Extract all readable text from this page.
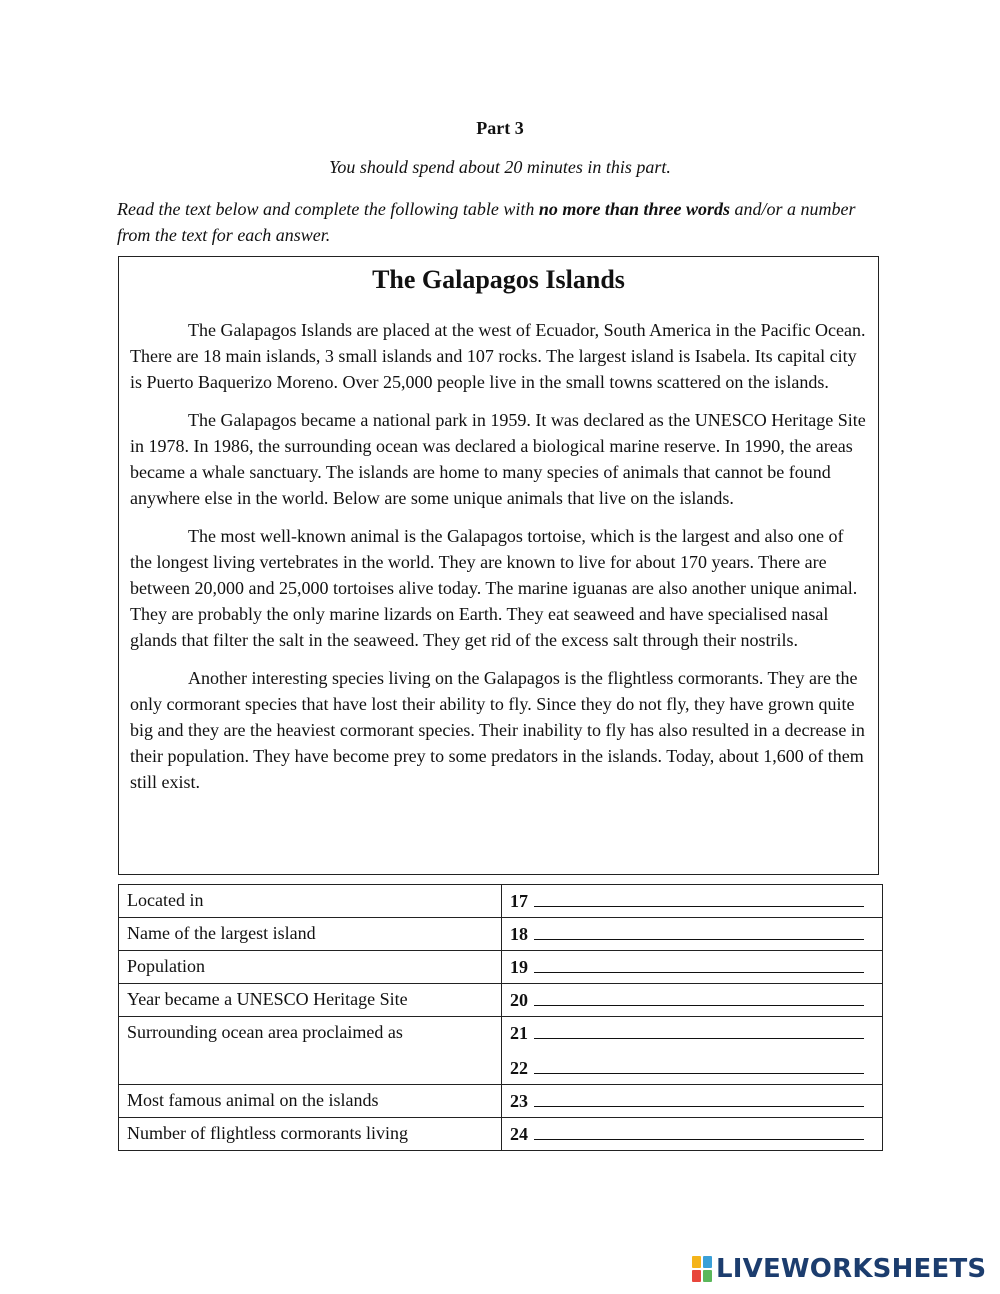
Part 3
You should spend about 20 minutes in this part.
Read the text below and complete the following table with no more than three words and/or a number from the text for each answer.
The Galapagos Islands

The Galapagos Islands are placed at the west of Ecuador, South America in the Pacific Ocean. There are 18 main islands, 3 small islands and 107 rocks. The largest island is Isabela. Its capital city is Puerto Baquerizo Moreno. Over 25,000 people live in the small towns scattered on the islands.

The Galapagos became a national park in 1959. It was declared as the UNESCO Heritage Site in 1978. In 1986, the surrounding ocean was declared a biological marine reserve. In 1990, the areas became a whale sanctuary. The islands are home to many species of animals that cannot be found anywhere else in the world. Below are some unique animals that live on the islands.

The most well-known animal is the Galapagos tortoise, which is the largest and also one of the longest living vertebrates in the world. They are known to live for about 170 years. There are between 20,000 and 25,000 tortoises alive today. The marine iguanas are also another unique animal. They are probably the only marine lizards on Earth. They eat seaweed and have specialised nasal glands that filter the salt in the seaweed. They get rid of the excess salt through their nostrils.

Another interesting species living on the Galapagos is the flightless cormorants. They are the only cormorant species that have lost their ability to fly. Since they do not fly, they have grown quite big and they are the heaviest cormorant species. Their inability to fly has also resulted in a decrease in their population. They have become prey to some predators in the islands. Today, about 1,600 of them still exist.

Located in	17

Name of the largest island	18

Population	19

Year became a UNESCO Heritage Site	20

Surrounding ocean area proclaimed as	21
22

Most famous animal on the islands	23

Number of flightless cormorants living	24
LIVEWORKSHEETS
